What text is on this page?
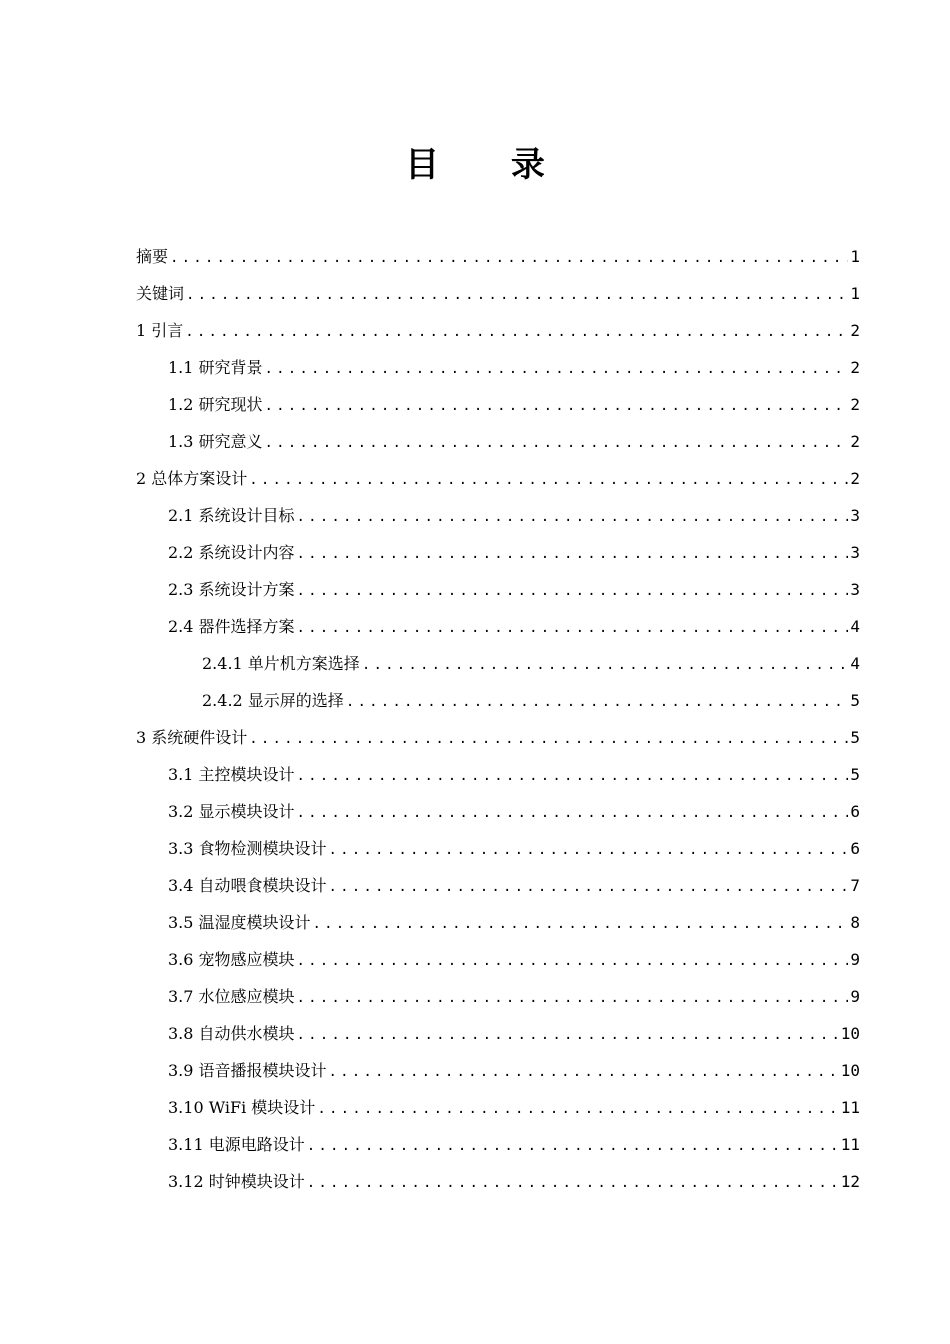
目 录
摘要 .....	1
关键词 .....	1
1 引言 .....	2
1.1 研究背景 .....	2
1.2 研究现状 .....	2
1.3 研究意义 .....	2
2 总体方案设计 .....	2
2.1 系统设计目标 .....	3
2.2 系统设计内容 .....	3
2.3 系统设计方案 .....	3
2.4 器件选择方案 .....	4
2.4.1 单片机方案选择 .....	4
2.4.2 显示屏的选择 .....	5
3 系统硬件设计 .....	5
3.1 主控模块设计 .....	5
3.2 显示模块设计 .....	6
3.3 食物检测模块设计 .....	6
3.4 自动喂食模块设计 .....	7
3.5 温湿度模块设计 .....	8
3.6 宠物感应模块 .....	9
3.7 水位感应模块 .....	9
3.8 自动供水模块 .....	10
3.9 语音播报模块设计 .....	10
3.10 WiFi 模块设计 .....	11
3.11 电源电路设计 .....	11
3.12 时钟模块设计 .....	12
